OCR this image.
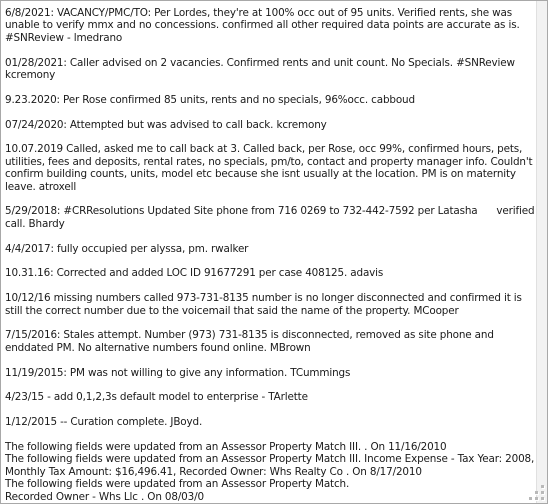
6/8/2021: VACANCY/PMC/TO: Per Lordes, they're at 100% occ out of 95 units. Verified rents, she was unable to verify mmx and no concessions. confirmed all other required data points are accurate as is. #SNReview - lmedrano
01/28/2021: Caller advised on 2 vacancies. Confirmed rents and unit count. No Specials. #SNReview kcremony
9.23.2020: Per Rose confirmed 85 units, rents and no specials, 96%occ. cabboud
07/24/2020: Attempted but was advised to call back. kcremony
10.07.2019 Called, asked me to call back at 3. Called back, per Rose, occ 99%, confirmed hours, pets, utilities, fees and deposits, rental rates, no specials, pm/to, contact and property manager info. Couldn't confirm building counts, units, model etc because she isnt usually at the location. PM is on maternity leave. atroxell
5/29/2018: #CRResolutions Updated Site phone from 716 0269 to 732-442-7592 per Latasha      verified call. Bhardy
4/4/2017: fully occupied per alyssa, pm. rwalker
10.31.16: Corrected and added LOC ID 91677291 per case 408125. adavis
10/12/16 missing numbers called 973-731-8135 number is no longer disconnected and confirmed it is still the correct number due to the voicemail that said the name of the property. MCooper
7/15/2016: Stales attempt. Number (973) 731-8135 is disconnected, removed as site phone and enddated PM. No alternative numbers found online. MBrown
11/19/2015: PM was not willing to give any information. TCummings
4/23/15 - add 0,1,2,3s default model to enterprise - TArlette
1/12/2015 -- Curation complete. JBoyd.
The following fields were updated from an Assessor Property Match III. . On 11/16/2010
The following fields were updated from an Assessor Property Match III. Income Expense - Tax Year: 2008, Monthly Tax Amount: $16,496.41, Recorded Owner: Whs Realty Co . On 8/17/2010
The following fields were updated from an Assessor Property Match.
Recorded Owner - Whs Llc . On 08/03/0
